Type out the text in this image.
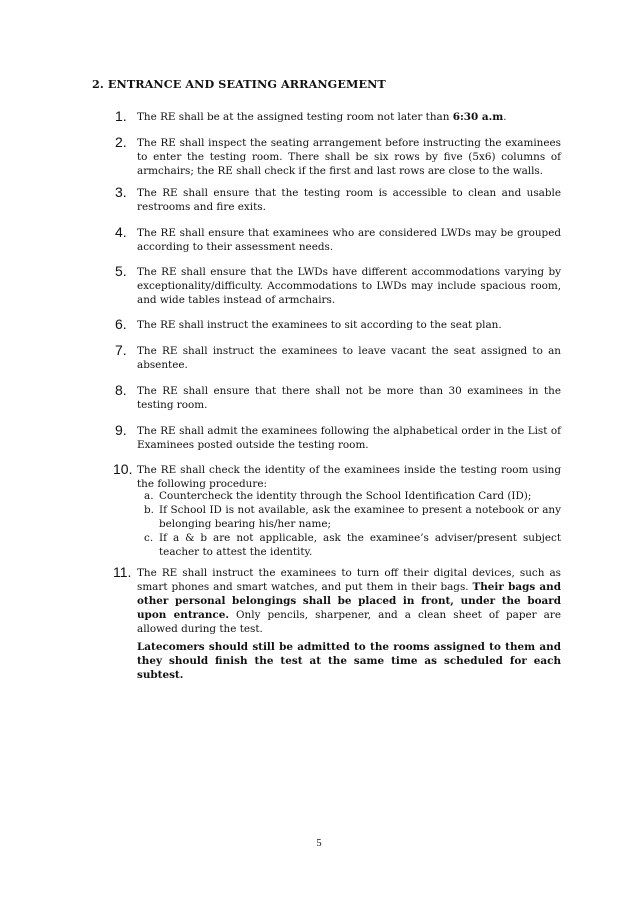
2. ENTRANCE AND SEATING ARRANGEMENT
1. The RE shall be at the assigned testing room not later than 6:30 a.m.
2. The RE shall inspect the seating arrangement before instructing the examinees to enter the testing room. There shall be six rows by five (5x6) columns of armchairs; the RE shall check if the first and last rows are close to the walls.
3. The RE shall ensure that the testing room is accessible to clean and usable restrooms and fire exits.
4. The RE shall ensure that examinees who are considered LWDs may be grouped according to their assessment needs.
5. The RE shall ensure that the LWDs have different accommodations varying by exceptionality/difficulty. Accommodations to LWDs may include spacious room, and wide tables instead of armchairs.
6. The RE shall instruct the examinees to sit according to the seat plan.
7. The RE shall instruct the examinees to leave vacant the seat assigned to an absentee.
8. The RE shall ensure that there shall not be more than 30 examinees in the testing room.
9. The RE shall admit the examinees following the alphabetical order in the List of Examinees posted outside the testing room.
10. The RE shall check the identity of the examinees inside the testing room using the following procedure:
a. Countercheck the identity through the School Identification Card (ID);
b. If School ID is not available, ask the examinee to present a notebook or any belonging bearing his/her name;
c. If a & b are not applicable, ask the examinee’s adviser/present subject teacher to attest the identity.
11. The RE shall instruct the examinees to turn off their digital devices, such as smart phones and smart watches, and put them in their bags. Their bags and other personal belongings shall be placed in front, under the board upon entrance. Only pencils, sharpener, and a clean sheet of paper are allowed during the test.
Latecomers should still be admitted to the rooms assigned to them and they should finish the test at the same time as scheduled for each subtest.
5
